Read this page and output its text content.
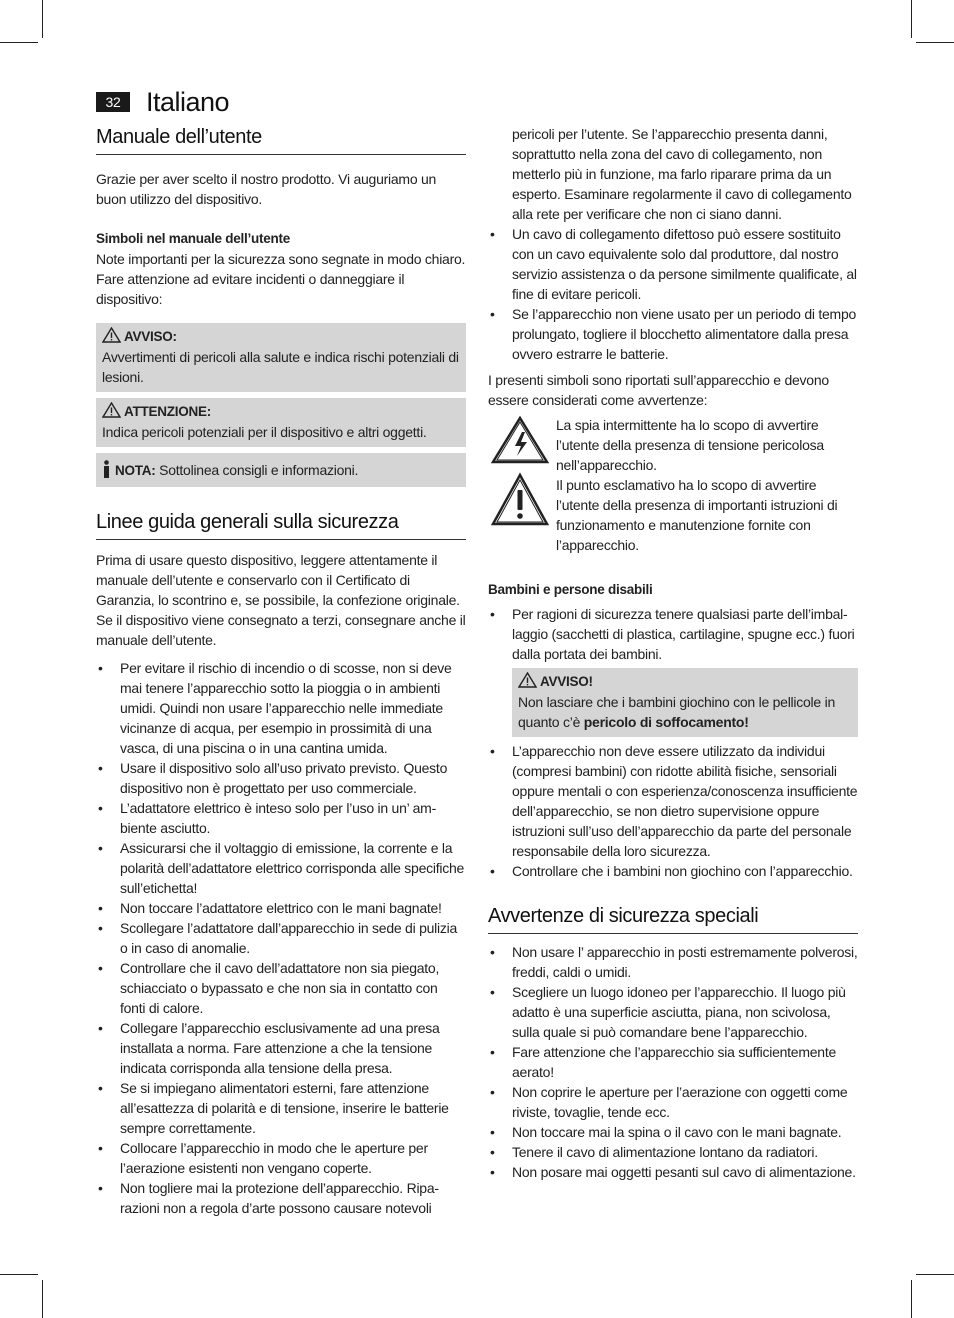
32 Italiano
Manuale dell’utente

Grazie per aver scelto il nostro prodotto. Vi auguriamo un buon utilizzo del dispositivo.

Simboli nel manuale dell’utente

Note importanti per la sicurezza sono segnate in modo chiaro. Fare attenzione ad evitare incidenti o danneggiare il dispositivo:

AVVISO:
Avvertimenti di pericoli alla salute e indica rischi potenziali di lesioni.
ATTENZIONE:
Indica pericoli potenziali per il dispositivo e altri oggetti.
NOTA: Sottolinea consigli e informazioni.
Linee guida generali sulla sicurezza

Prima di usare questo dispositivo, leggere attentamente il manuale dell’utente e conservarlo con il Certificato di Garanzia, lo scontrino e, se possibile, la confezione originale. Se il dispositivo viene consegnato a terzi, consegnare anche il manuale dell’utente.

• Per evitare il rischio di incendio o di scosse, non si deve mai tenere l’apparecchio sotto la pioggia o in ambienti umidi. Quindi non usare l’apparecchio nelle immediate vicinanze di acqua, per esempio in prossimità di una vasca, di una piscina o in una cantina umida.
• Usare il dispositivo solo all’uso privato previsto. Questo dispositivo non è progettato per uso commerciale.
• L’adattatore elettrico è inteso solo per l’uso in un’ ambiente asciutto.
• Assicurarsi che il voltaggio di emissione, la corrente e la polarità dell’adattatore elettrico corrisponda alle specifiche sull’etichetta!
• Non toccare l’adattatore elettrico con le mani bagnate!
• Scollegare l’adattatore dall’apparecchio in sede di pulizia o in caso di anomalie.
• Controllare che il cavo dell’adattatore non sia piegato, schiacciato o bypassato e che non sia in contatto con fonti di calore.
• Collegare l’apparecchio esclusivamente ad una presa installata a norma. Fare attenzione a che la tensione indicata corrisponda alla tensione della presa.
• Se si impiegano alimentatori esterni, fare attenzione all’esattezza di polarità e di tensione, inserire le batterie sempre correttamente.
• Collocare l’apparecchio in modo che le aperture per l’aerazione esistenti non vengano coperte.
• Non togliere mai la protezione dell’apparecchio. Riparazioni non a regola d’arte possono causare notevoli
pericoli per l’utente. Se l’apparecchio presenta danni, soprattutto nella zona del cavo di collegamento, non metterlo più in funzione, ma farlo riparare prima da un esperto. Esaminare regolarmente il cavo di collegamento alla rete per verificare che non ci siano danni.
• Un cavo di collegamento difettoso può essere sostituito con un cavo equivalente solo dal produttore, dal nostro servizio assistenza o da persone similmente qualificate, al fine di evitare pericoli.
• Se l’apparecchio non viene usato per un periodo di tempo prolungato, togliere il blocchetto alimentatore dalla presa ovvero estrarre le batterie.

I presenti simboli sono riportati sull’apparecchio e devono essere considerati come avvertenze:

La spia intermittente ha lo scopo di avvertire l’utente della presenza di tensione pericolosa nell’apparecchio.

Il punto esclamativo ha lo scopo di avvertire l’utente della presenza di importanti istruzioni di funzionamento e manutenzione fornite con l’apparecchio.

Bambini e persone disabili

• Per ragioni di sicurezza tenere qualsiasi parte dell’imballaggio (sacchetti di plastica, cartilagine, spugne ecc.) fuori dalla portata dei bambini.
AVVISO!
Non lasciare che i bambini giochino con le pellicole in quanto c’è pericolo di soffocamento!
• L’apparecchio non deve essere utilizzato da individui (compresi bambini) con ridotte abilità fisiche, sensoriali oppure mentali o con esperienza/conoscenza insufficiente dell’apparecchio, se non dietro supervisione oppure istruzioni sull’uso dell’apparecchio da parte del personale responsabile della loro sicurezza.
• Controllare che i bambini non giochino con l’apparecchio.
Avvertenze di sicurezza speciali
• Non usare l’ apparecchio in posti estremamente polverosi, freddi, caldi o umidi.
• Scegliere un luogo idoneo per l’apparecchio. Il luogo più adatto è una superficie asciutta, piana, non scivolosa, sulla quale si può comandare bene l’apparecchio.
• Fare attenzione che l’apparecchio sia sufficientemente aerato!
• Non coprire le aperture per l’aerazione con oggetti come riviste, tovaglie, tende ecc.
• Non toccare mai la spina o il cavo con le mani bagnate.
• Tenere il cavo di alimentazione lontano da radiatori.
• Non posare mai oggetti pesanti sul cavo di alimentazione.
